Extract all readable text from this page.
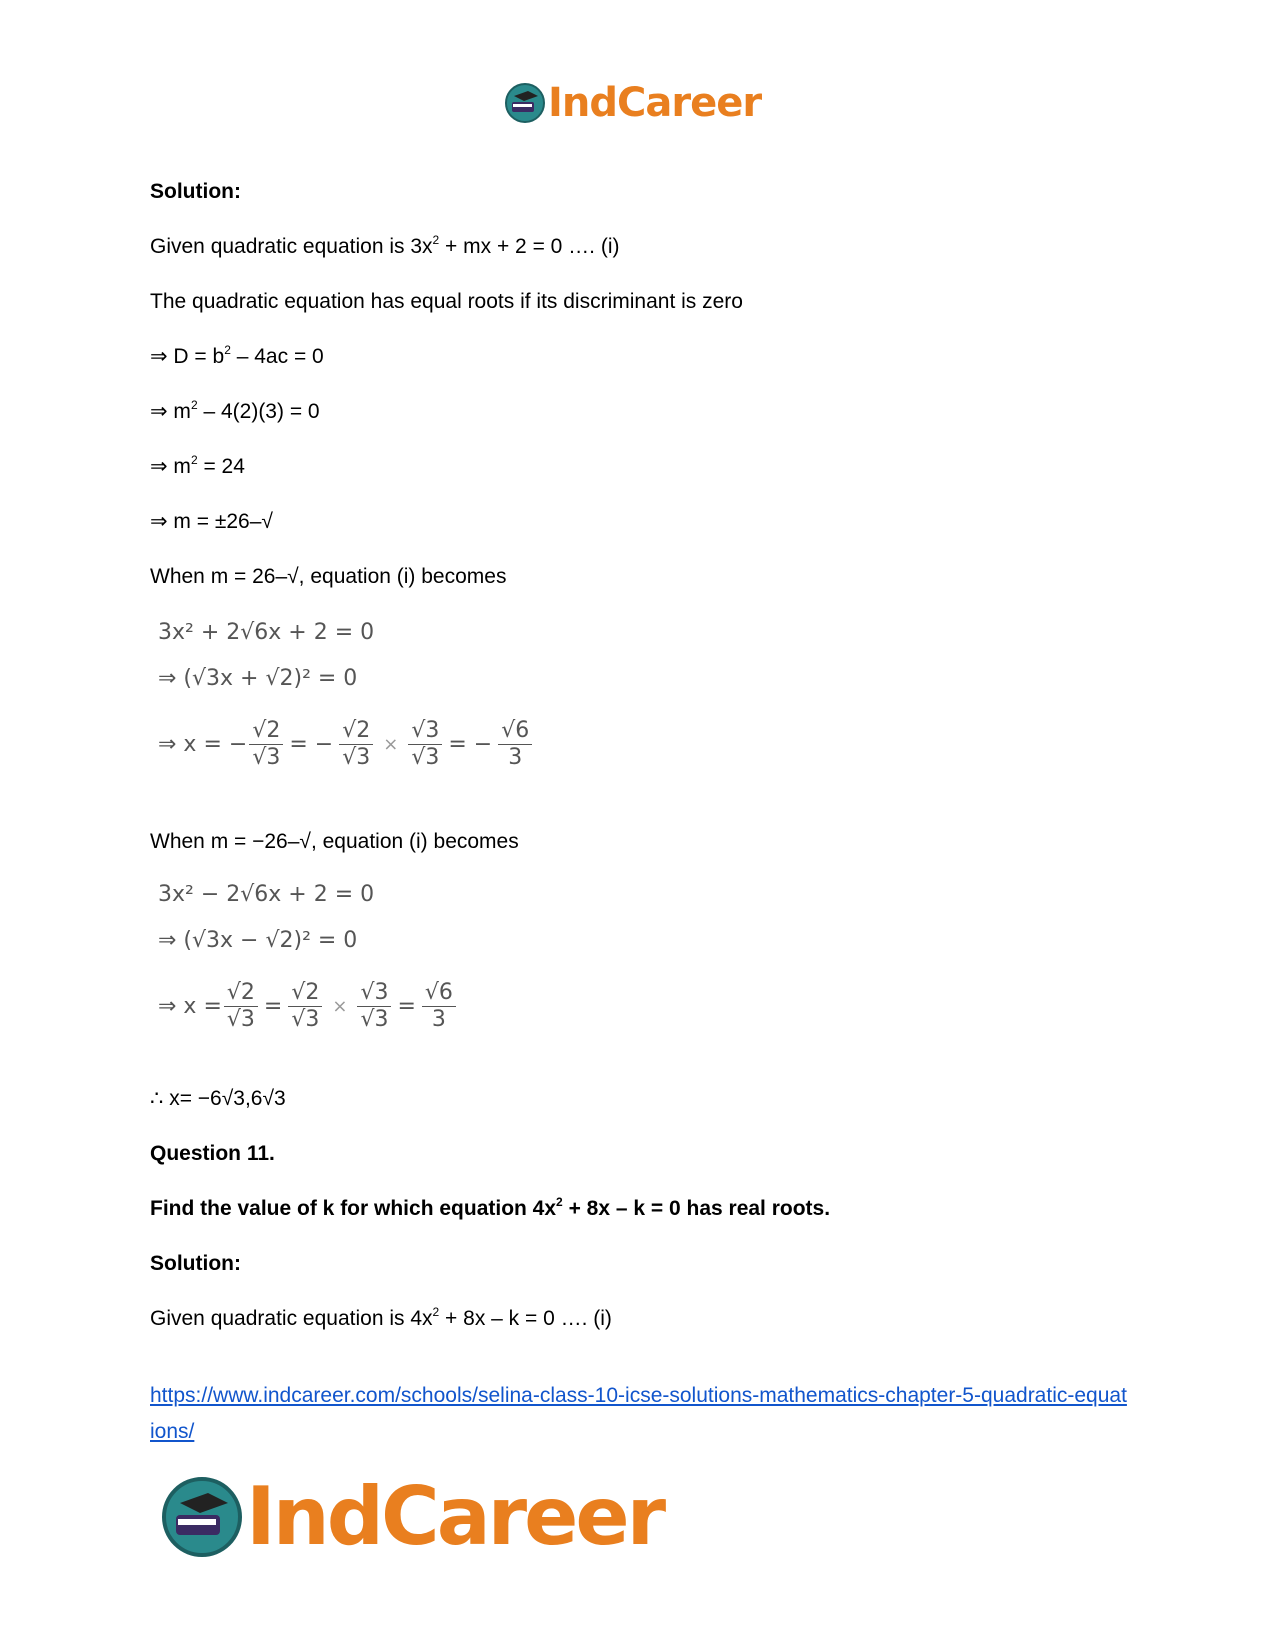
IndCareer
Solution:
Given quadratic equation is $3x^2$ + mx + 2 = 0 …. (i)
The quadratic equation has equal roots if its discriminant is zero
⇒ $D = b^2 - 4ac = 0$
⇒ $m^2 - 4(2)(3) = 0$
⇒ $m^2 = 24$
⇒ m = ±26–√
When m = 26–√, equation (i) becomes
3x² + 2√6x + 2 = 0
⇒ (√3x + √2)² = 0
⇒ x = − $\frac{√2}{√3}$ = − $\frac{√2}{√3} \times \frac{√3}{√3}$ = − $\frac{√6}{3}$
When m = −26–√, equation (i) becomes
3x² − 2√6x + 2 = 0
⇒ (√3x − √2)² = 0
⇒ $x = \frac{√2}{√3} = \frac{√2}{√3} \times \frac{√3}{√3} = \frac{√6}{3}$
∴ x= −6√3,6√3
Question 11.
Find the value of k for which equation $4x^2 + 8x - k = 0$ has real roots.
Solution:
Given quadratic equation is $4x^2 + 8x - k = 0$ …. (i)
https://www.indcareer.com/schools/selina-class-10-icse-solutions-mathematics-chapter-5-quadratic-equations/
IndCareer
